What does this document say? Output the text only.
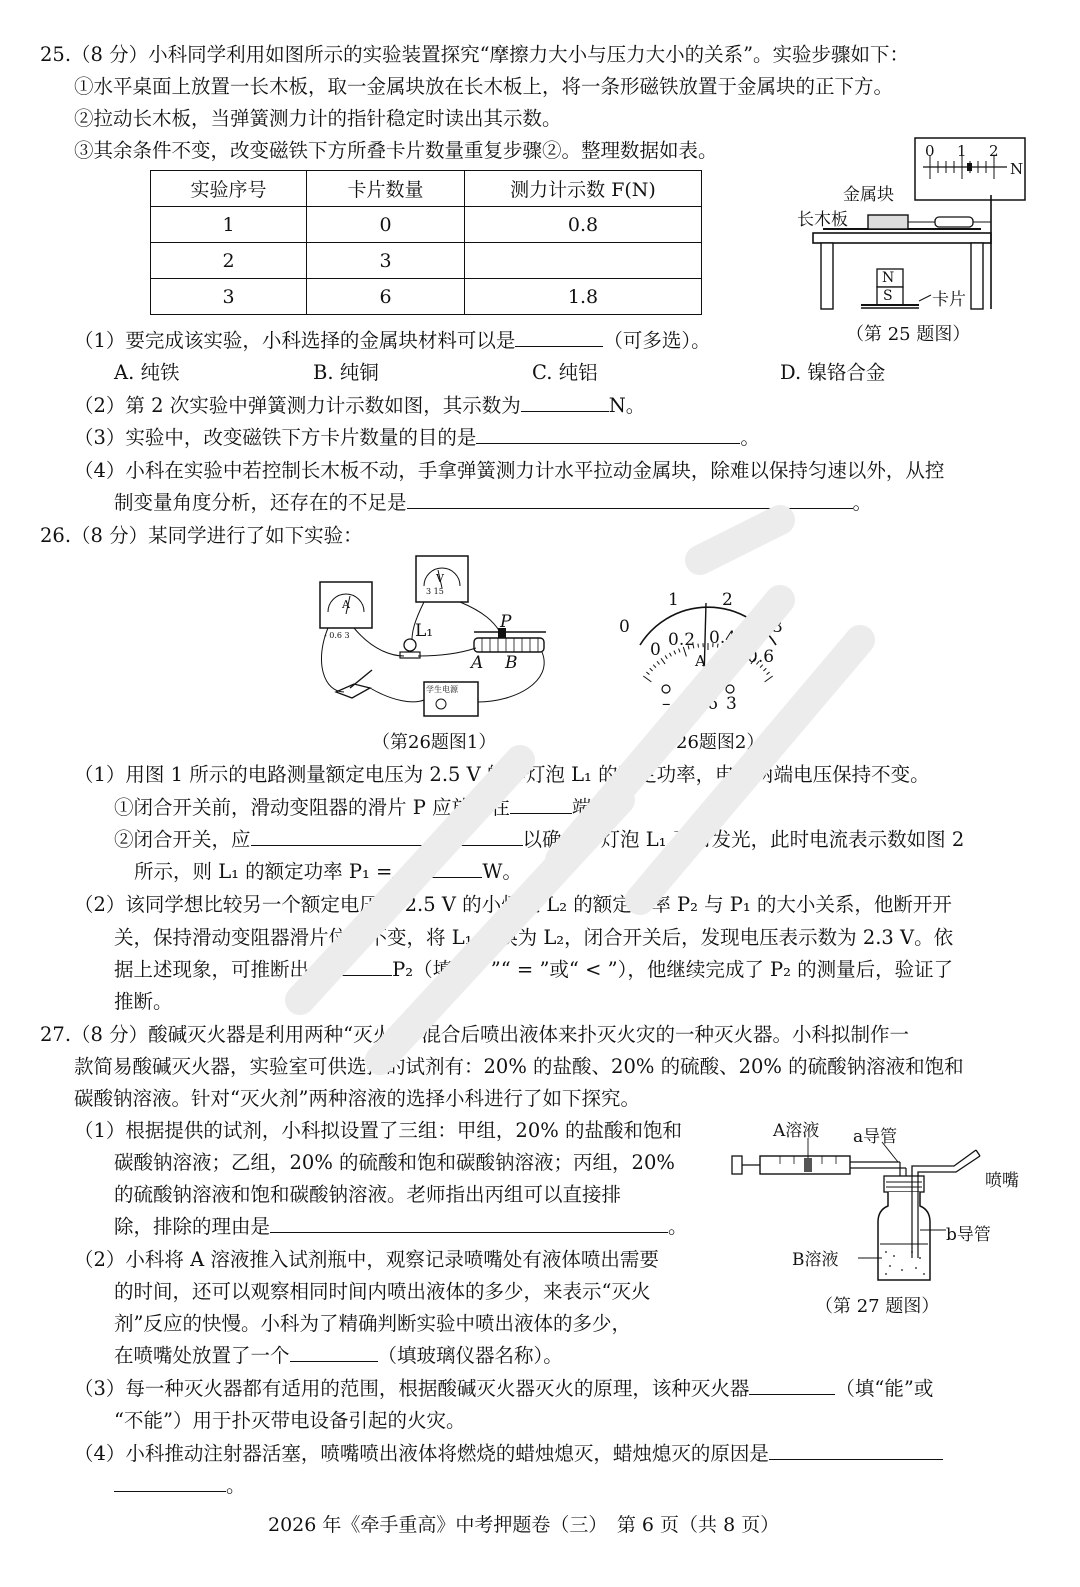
25.（8 分）小科同学利用如图所示的实验装置探究“摩擦力大小与压力大小的关系”。实验步骤如下：
①水平桌面上放置一长木板，取一金属块放在长木板上，将一条形磁铁放置于金属块的正下方。
②拉动长木板，当弹簧测力计的指针稳定时读出其示数。
③其余条件不变，改变磁铁下方所叠卡片数量重复步骤②。整理数据如表。
实验序号	卡片数量	测力计示数 F(N)
1	0	0.8
2	3	
3	6	1.8
0 1 2
N
金属块
长木板
N
S 卡片
（第 25 题图）
（1）要完成该实验，小科选择的金属块材料可以是	（可多选）。
A. 纯铁	B. 纯铜	C. 纯铝	D. 镍铬合金
（2）第 2 次实验中弹簧测力计示数如图，其示数为	N。
（3）实验中，改变磁铁下方卡片数量的目的是	。
（4）小科在实验中若控制长木板不动，手拿弹簧测力计水平拉动金属块，除难以保持匀速以外，从控
制变量角度分析，还存在的不足是	。
26.（8 分）某同学进行了如下实验：
L₁	P
A B
A
- 0.6 3
V
3 15
学生电源
（第26题图1）
0
1	2
3
0 0.2 0.4
0.6
A
– 0.6 3
（第26题图2）
（1）用图 1 所示的电路测量额定电压为 2.5 V 的小灯泡 L₁ 的额定功率，电源两端电压保持不变。
①闭合开关前，滑动变阻器的滑片 P 应放置在	端。
②闭合开关，应	以确定小灯泡 L₁ 正常发光，此时电流表示数如图 2
所示，则 L₁ 的额定功率 P₁ =	W。
（2）该同学想比较另一个额定电压为 2.5 V 的小灯泡 L₂ 的额定功率 P₂ 与 P₁ 的大小关系，他断开开
关，保持滑动变阻器滑片位置不变，将 L₁ 替换为 L₂，闭合开关后，发现电压表示数为 2.3 V。依
据上述现象，可推断出 P₁	P₂（填“ > ”“ = ”或“ < ”），他继续完成了 P₂ 的测量后，验证了
推断。
27.（8 分）酸碱灭火器是利用两种“灭火剂”混合后喷出液体来扑灭火灾的一种灭火器。小科拟制作一
款简易酸碱灭火器，实验室可供选择的试剂有：20% 的盐酸、20% 的硫酸、20% 的硫酸钠溶液和饱和
碳酸钠溶液。针对“灭火剂”两种溶液的选择小科进行了如下探究。
（1）根据提供的试剂，小科拟设置了三组：甲组，20% 的盐酸和饱和
碳酸钠溶液；乙组，20% 的硫酸和饱和碳酸钠溶液；丙组，20%
的硫酸钠溶液和饱和碳酸钠溶液。老师指出丙组可以直接排
除，排除的理由是	。
（2）小科将 A 溶液推入试剂瓶中，观察记录喷嘴处有液体喷出需要
的时间，还可以观察相同时间内喷出液体的多少，来表示“灭火
剂”反应的快慢。小科为了精确判断实验中喷出液体的多少，
在喷嘴处放置了一个	（填玻璃仪器名称）。
A溶液 a导管
喷嘴
b导管
B溶液
（第 27 题图）
（3）每一种灭火器都有适用的范围，根据酸碱灭火器灭火的原理，该种灭火器	（填“能”或
“不能”）用于扑灭带电设备引起的火灾。
（4）小科推动注射器活塞，喷嘴喷出液体将燃烧的蜡烛熄灭，蜡烛熄灭的原因是
。
2026 年《牵手重高》中考押题卷（三）　第 6 页（共 8 页）
